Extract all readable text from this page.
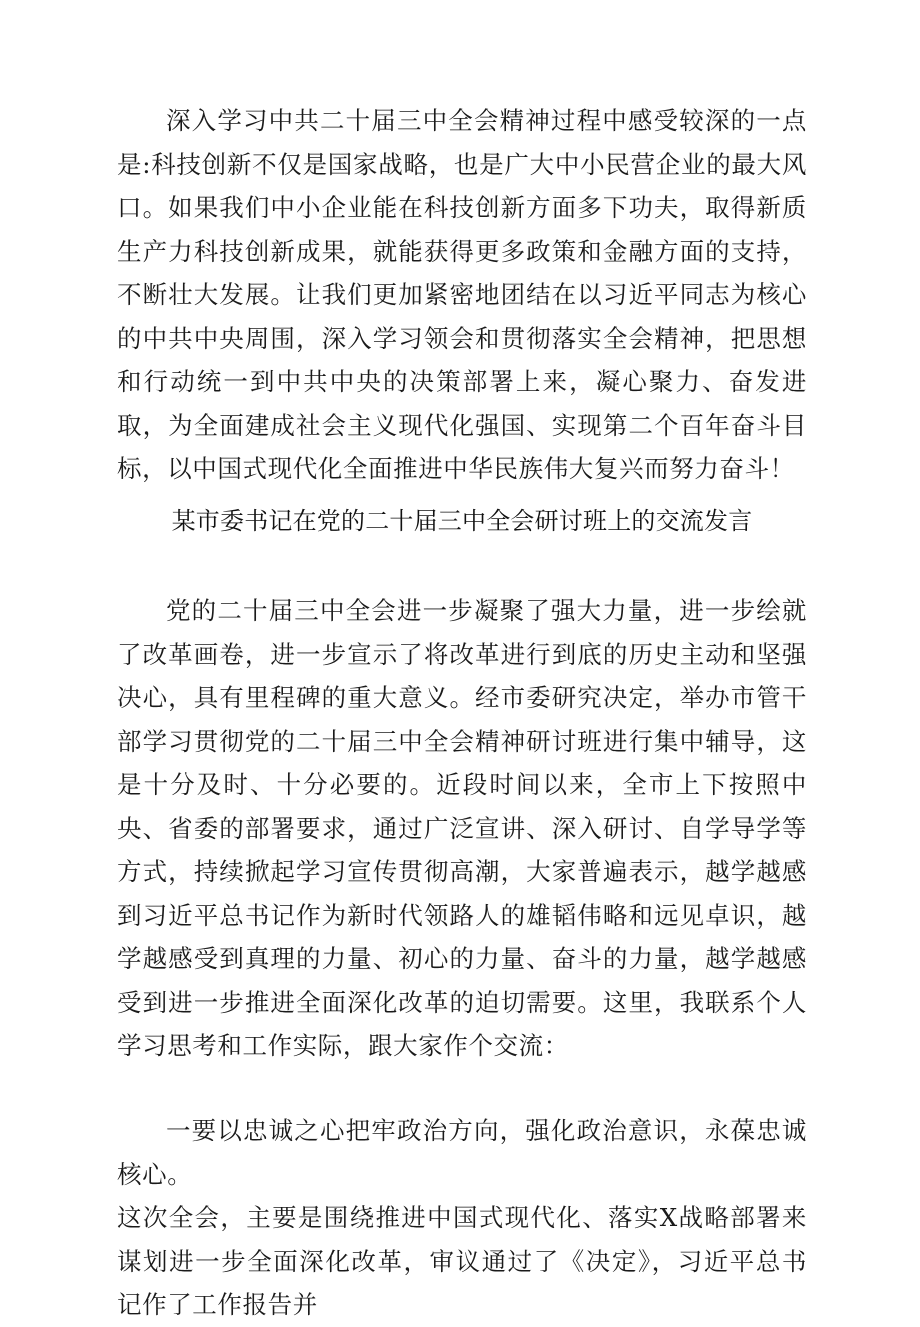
深入学习中共二十届三中全会精神过程中感受较深的一点是:科技创新不仅是国家战略，也是广大中小民营企业的最大风口。如果我们中小企业能在科技创新方面多下功夫，取得新质生产力科技创新成果，就能获得更多政策和金融方面的支持，不断壮大发展。让我们更加紧密地团结在以习近平同志为核心的中共中央周围，深入学习领会和贯彻落实全会精神，把思想和行动统一到中共中央的决策部署上来，凝心聚力、奋发进取，为全面建成社会主义现代化强国、实现第二个百年奋斗目标，以中国式现代化全面推进中华民族伟大复兴而努力奋斗！

某市委书记在党的二十届三中全会研讨班上的交流发言

党的二十届三中全会进一步凝聚了强大力量，进一步绘就了改革画卷，进一步宣示了将改革进行到底的历史主动和坚强决心，具有里程碑的重大意义。经市委研究决定，举办市管干部学习贯彻党的二十届三中全会精神研讨班进行集中辅导，这是十分及时、十分必要的。近段时间以来，全市上下按照中央、省委的部署要求，通过广泛宣讲、深入研讨、自学导学等方式，持续掀起学习宣传贯彻高潮，大家普遍表示，越学越感到习近平总书记作为新时代领路人的雄韬伟略和远见卓识，越学越感受到真理的力量、初心的力量、奋斗的力量，越学越感受到进一步推进全面深化改革的迫切需要。这里，我联系个人学习思考和工作实际，跟大家作个交流：

一要以忠诚之心把牢政治方向，强化政治意识，永葆忠诚核心。

这次全会，主要是围绕推进中国式现代化、落实X战略部署来谋划进一步全面深化改革，审议通过了《决定》，习近平总书记作了工作报告并
